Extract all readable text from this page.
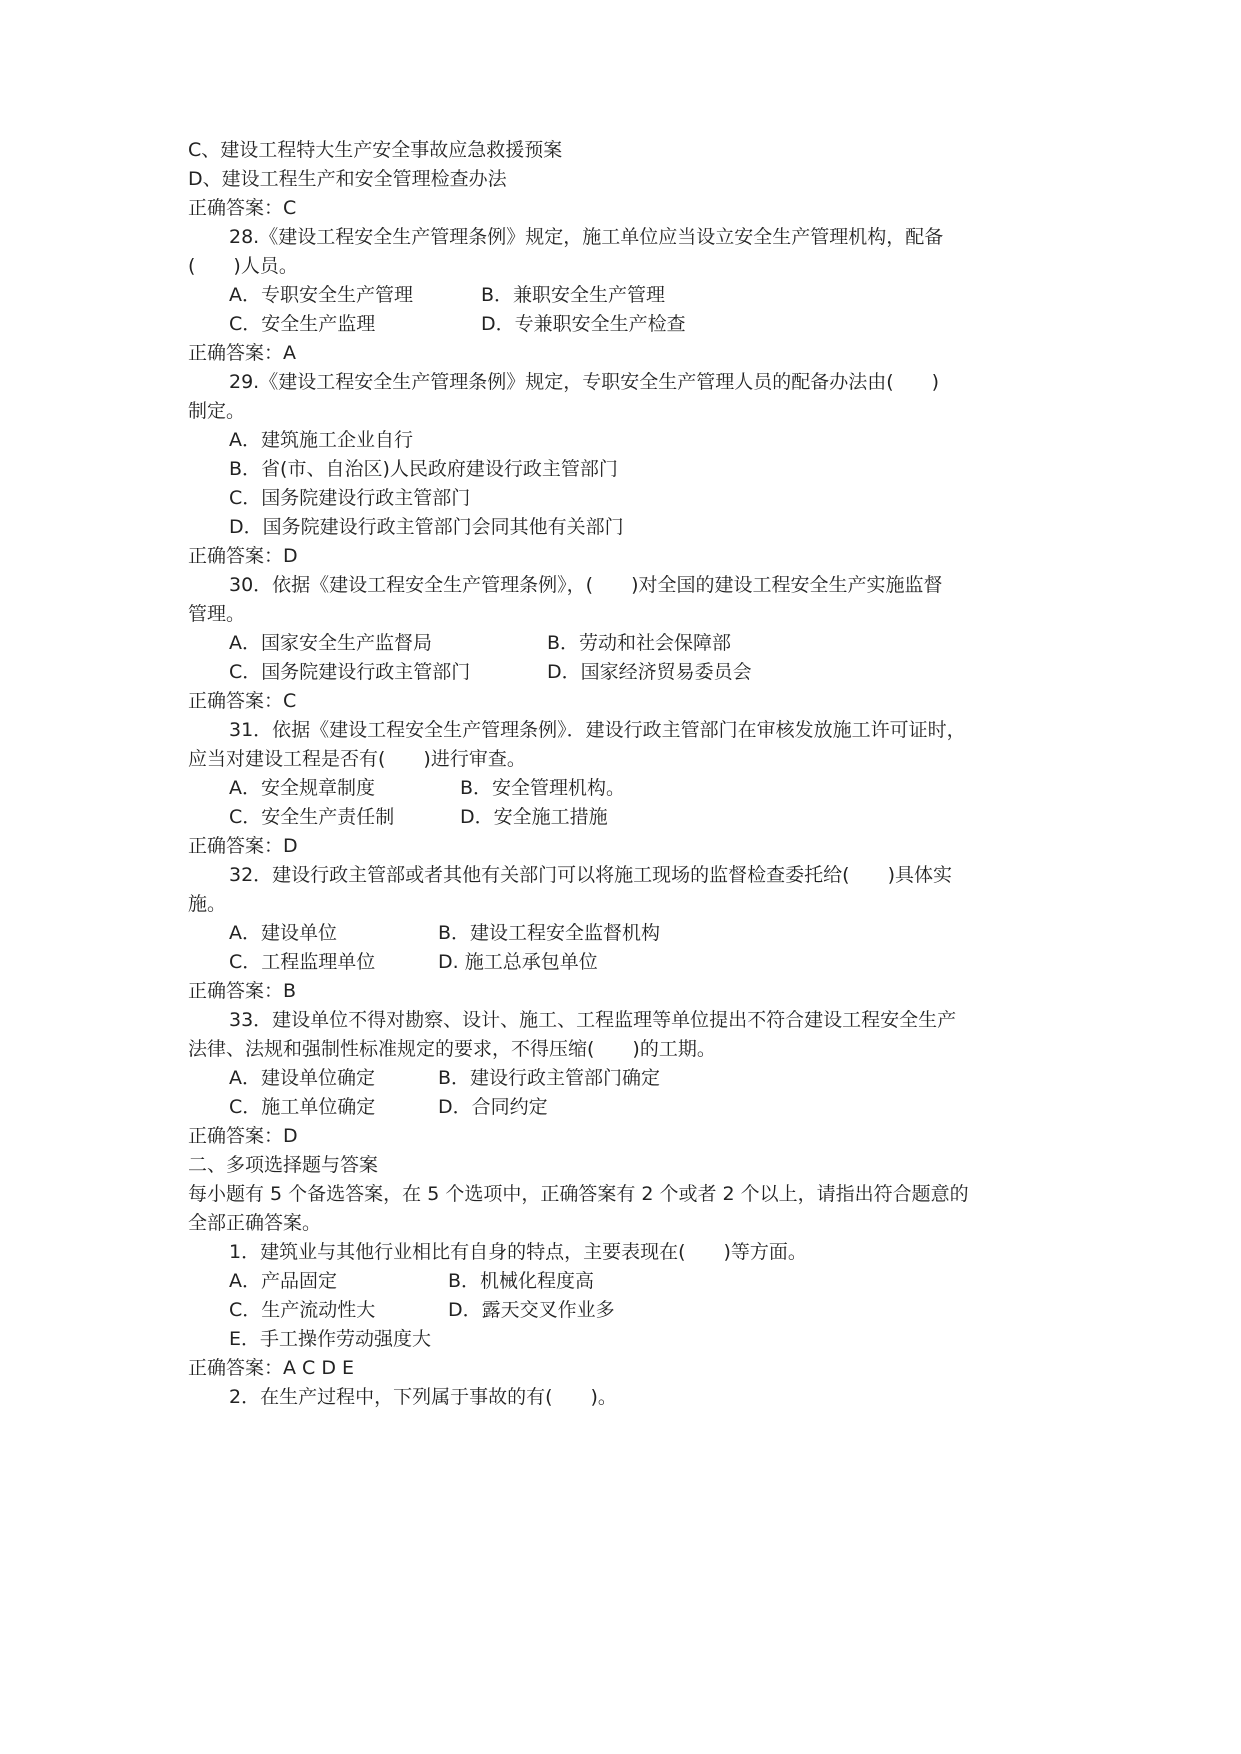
C、建设工程特大生产安全事故应急救援预案
D、建设工程生产和安全管理检查办法
正确答案：C
28.《建设工程安全生产管理条例》规定，施工单位应当设立安全生产管理机构，配备
(　　)人员。
A．专职安全生产管理	B．兼职安全生产管理
C．安全生产监理	D．专兼职安全生产检查
正确答案：A
29.《建设工程安全生产管理条例》规定，专职安全生产管理人员的配备办法由(　　)
制定。
A．建筑施工企业自行
B．省(市、自治区)人民政府建设行政主管部门
C．国务院建设行政主管部门
D．国务院建设行政主管部门会同其他有关部门
正确答案：D
30．依据《建设工程安全生产管理条例》，(　　)对全国的建设工程安全生产实施监督
管理。
A．国家安全生产监督局	B．劳动和社会保障部
C．国务院建设行政主管部门	D．国家经济贸易委员会
正确答案：C
31．依据《建设工程安全生产管理条例》．建设行政主管部门在审核发放施工许可证时，
应当对建设工程是否有(　　)进行审查。
A．安全规章制度	B．安全管理机构。
C．安全生产责任制	D．安全施工措施
正确答案：D
32．建设行政主管部或者其他有关部门可以将施工现场的监督检查委托给(　　)具体实
施。
A．建设单位	B．建设工程安全监督机构
C．工程监理单位	D. 施工总承包单位
正确答案：B
33．建设单位不得对勘察、设计、施工、工程监理等单位提出不符合建设工程安全生产
法律、法规和强制性标准规定的要求，不得压缩(　　)的工期。
A．建设单位确定	B．建设行政主管部门确定
C．施工单位确定	D．合同约定
正确答案：D
二、多项选择题与答案
每小题有 5 个备选答案，在 5 个选项中，正确答案有 2 个或者 2 个以上，请指出符合题意的
全部正确答案。
1．建筑业与其他行业相比有自身的特点，主要表现在(　　)等方面。
A．产品固定	B．机械化程度高
C．生产流动性大	D．露天交叉作业多
E．手工操作劳动强度大
正确答案：A C D E
2．在生产过程中，下列属于事故的有(　　)。
